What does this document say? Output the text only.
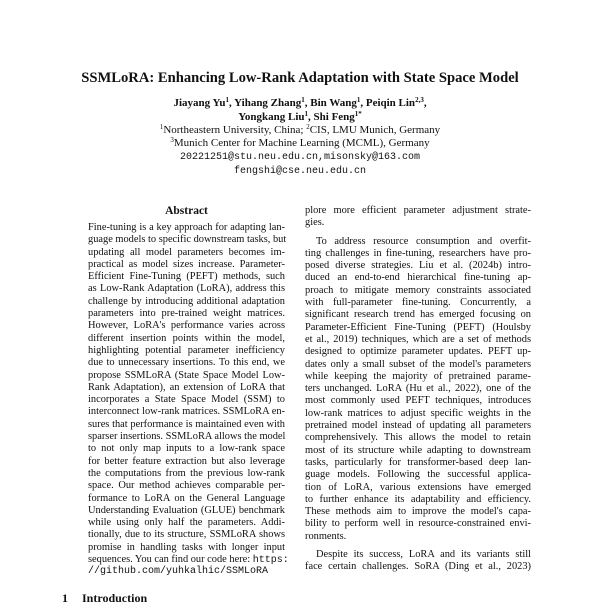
SSMLoRA: Enhancing Low-Rank Adaptation with State Space Model
Jiayang Yu$^1$, Yihang Zhang$^1$, Bin Wang$^1$, Peiqin Lin$^{2,3}$,
Yongkang Liu$^1$, Shi Feng$^{1*}$
$^1$Northeastern University, China; $^2$CIS, LMU Munich, Germany
$^3$Munich Center for Machine Learning (MCML), Germany
20221251@stu.neu.edu.cn,misonsky@163.com
fengshi@cse.neu.edu.cn
Abstract
Fine-tuning is a key approach for adapting lan-
guage models to specific downstream tasks, but
updating all model parameters becomes im-
practical as model sizes increase. Parameter-
Efficient Fine-Tuning (PEFT) methods, such
as Low-Rank Adaptation (LoRA), address this
challenge by introducing additional adaptation
parameters into pre-trained weight matrices.
However, LoRA's performance varies across
different insertion points within the model,
highlighting potential parameter inefficiency
due to unnecessary insertions. To this end, we
propose SSMLoRA (State Space Model Low-
Rank Adaptation), an extension of LoRA that
incorporates a State Space Model (SSM) to
interconnect low-rank matrices. SSMLoRA en-
sures that performance is maintained even with
sparser insertions. SSMLoRA allows the model
to not only map inputs to a low-rank space
for better feature extraction but also leverage
the computations from the previous low-rank
space. Our method achieves comparable per-
formance to LoRA on the General Language
Understanding Evaluation (GLUE) benchmark
while using only half the parameters. Addi-
tionally, due to its structure, SSMLoRA shows
promise in handling tasks with longer input
sequences. You can find our code here: https:
//github.com/yuhkalhic/SSMLoRA
plore more efficient parameter adjustment strate-
gies.
To address resource consumption and overfit-
ting challenges in fine-tuning, researchers have pro-
posed diverse strategies. Liu et al. (2024b) intro-
duced an end-to-end hierarchical fine-tuning ap-
proach to mitigate memory constraints associated
with full-parameter fine-tuning. Concurrently, a
significant research trend has emerged focusing on
Parameter-Efficient Fine-Tuning (PEFT) (Houlsby
et al., 2019) techniques, which are a set of methods
designed to optimize parameter updates. PEFT up-
dates only a small subset of the model's parameters
while keeping the majority of pretrained parame-
ters unchanged. LoRA (Hu et al., 2022), one of the
most commonly used PEFT techniques, introduces
low-rank matrices to adjust specific weights in the
pretrained model instead of updating all parameters
comprehensively. This allows the model to retain
most of its structure while adapting to downstream
tasks, particularly for transformer-based deep lan-
guage models. Following the successful applica-
tion of LoRA, various extensions have emerged
to further enhance its adaptability and efficiency.
These methods aim to improve the model's capa-
bility to perform well in resource-constrained envi-
ronments.
Despite its success, LoRA and its variants still
face certain challenges. SoRA (Ding et al., 2023)
1 Introduction
